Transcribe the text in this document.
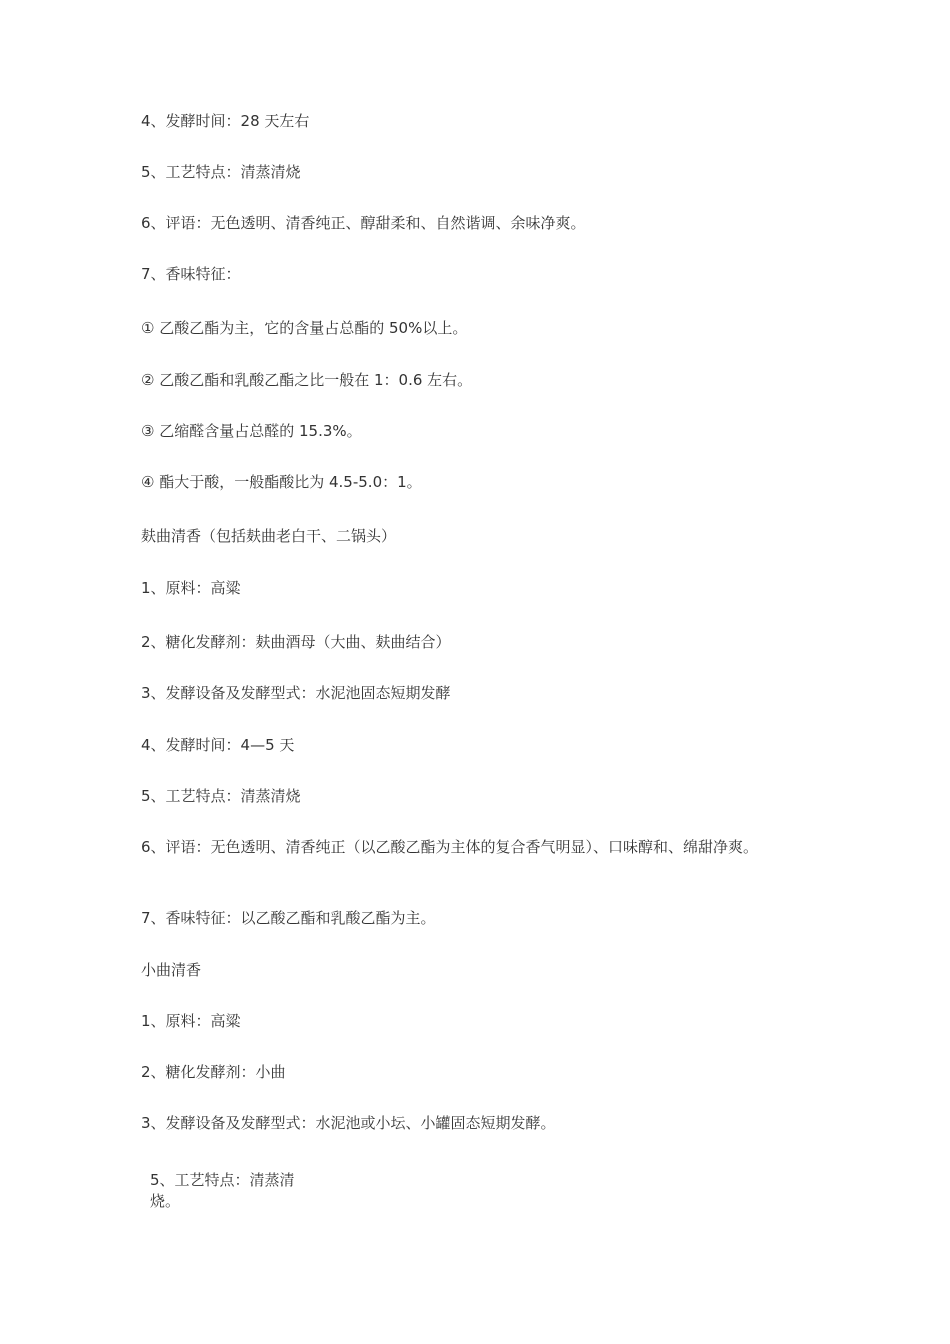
4、发酵时间：28 天左右
5、工艺特点：清蒸清烧
6、评语：无色透明、清香纯正、醇甜柔和、自然谐调、余味净爽。
7、香味特征：
① 乙酸乙酯为主，它的含量占总酯的 50%以上。
② 乙酸乙酯和乳酸乙酯之比一般在 1：0.6 左右。
③ 乙缩醛含量占总醛的 15.3%。
④ 酯大于酸，一般酯酸比为 4.5-5.0：1。
麸曲清香（包括麸曲老白干、二锅头）
1、原料：高粱
2、糖化发酵剂：麸曲酒母（大曲、麸曲结合）
3、发酵设备及发酵型式：水泥池固态短期发酵
4、发酵时间：4—5 天
5、工艺特点：清蒸清烧
6、评语：无色透明、清香纯正（以乙酸乙酯为主体的复合香气明显）、口味醇和、绵甜净爽。
7、香味特征：以乙酸乙酯和乳酸乙酯为主。
小曲清香
1、原料：高粱
2、糖化发酵剂：小曲
3、发酵设备及发酵型式：水泥池或小坛、小罐固态短期发酵。
5、工艺特点：清蒸清烧。
